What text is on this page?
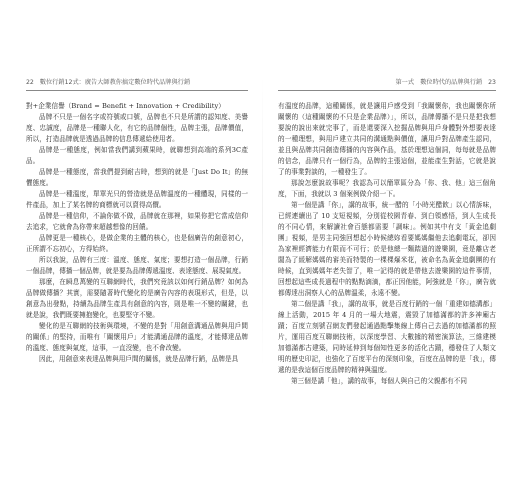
22 數位行銷12式：廣告大師教你搞定數位時代品牌與行銷

對+企業信譽（Brand = Benefit + Innovation + Credibility）

品牌不只是一個名字或符號或口號，品牌也不只是所謂的認知度、美譽度、忠誠度，品牌是一種聯人化，有它的品牌個性，品牌主張，品牌價值，所以，打造品牌就是透過品牌的信息傳遞給使用者。

品牌是一種態度，例如當我們講到蘋果時，就聯想到高端的系列3C產品。

品牌是一種態度，當我們提到耐吉時，想到的就是「Just Do It」的無懼態度。

品牌是一種溫度，單單光只的營造就是品牌溫度的一種體現，同樣的一件產品，加上了某名牌的商標就可以賣得高價。

品牌是一種信仰，不論你做不做，品牌就在那裡，如果你把它當成信仰去追求，它就會為你帶來超越想像的回饋。

品牌更是一種核心，是做企業的主體的核心，也是個廣告的創意初心，正所謂不忘初心，方得始終。

所以我說，品牌有三度：溫度、態度、氣度；要想打造一個品牌，行銷一個品牌，傳播一個品牌，就是要為品牌傳遞溫度、表達態度、展現氣度。

那麼，在瞬息萬變的互聯網時代，我們究竟該以如何行銷品牌？如何為品牌做傳播？其實，需要隨著時代變化的是廣告內容的表現形式，但是，以創意為出發點，持續為品牌生產具有創意的內容，則是唯一不變的關鍵，也就是說，我們既要擁抱變化，也要堅守不變。

變化的是互聯網的技術與環境，不變的是對「用創意溝通品牌與用戶間的關係」的堅持，而唯有「關懷用戶」才能溝通品牌的溫度，才能傳達品牌的溫度、態度與氣度，這事，一直沒變，也不會改變。

因此，用創意來表達品牌與用戶間的關係，就是品牌行銷，品牌是具

第一式　數位時代的品牌與行銷 23

有溫度的品牌，這種關係，就是讓用戶感受到「我關懷你，我也關懷你所關懷的（這種關懷的不只是企業品牌）」，所以，品牌傳播不是只是把我想要說的說出來就完事了，而是還要深入挖掘品牌與用戶身體對外想要表達的一種理想，與用戶建立共同的溝通點與價值，讓用戶對品牌產生認同，並且與品牌共同創造傳播的內容與作品，基於理想這個詞，每每就是品牌的信念，品牌只有一個行為，品牌的主張這個，並能產生對話，它就是說了的事業對談的，一種發生了。

那說怎麼說故事呢？我認為可以簡單區分為「你、我、他」這三個角度，下面，我就以 3 個案例做介紹一下。

第一個是講「你」，講的故事，統一醋的「小時光醋飲」以心情訴味，已經連續出了 10 支短視頻，分別從校園青春、到白領感悟，到人生成長的不同心情，來解讀社會百態都需要「調味」。例如其中有支「黃金追劇團」視頻，是男主同強回想起小時候總妳看要媽媽繼他去追劇電玩，卻因為家裡經濟能力有限而不可行；於是他總一麵踏過的遊樂園，竟是離店老闆為了緩解媽媽的審美而特製的一棵棵爆米花，被命名為黃金追劇團的有時候，直到媽媽年老失智了，唯一記得的就是帶他去遊樂園的這件事情，回想起這些成長過程中的點點滴滴，都正因他能，阿強就是「你」，廣告就都傳達出洞察人心的品牌溫柔，永遠不變。

第二個是講「我」，講的故事，就是百度行銷的一個「重建如德溝都」線上活動，2015 年 4 月的一場大地震，震毀了加德滿都的許多神廟古蹟；百度立刻號召網友們發起通過點擊集線上傳自己去過的加德滿都的照片，運用百度互聯網技術，以深度學習、大數據的精密演算法，三維建模加德滿都古建築，同時延伸到每個知性更多的活化古蹟，穩發住了人類文明的歷史印記，也強化了百度平台的深刻印象，百度在品牌的是「我」，傳遞的是我這個百度品牌的精神與溫度。

第三個是講「他」，講的故事，每個人與自己的父親都有不同
